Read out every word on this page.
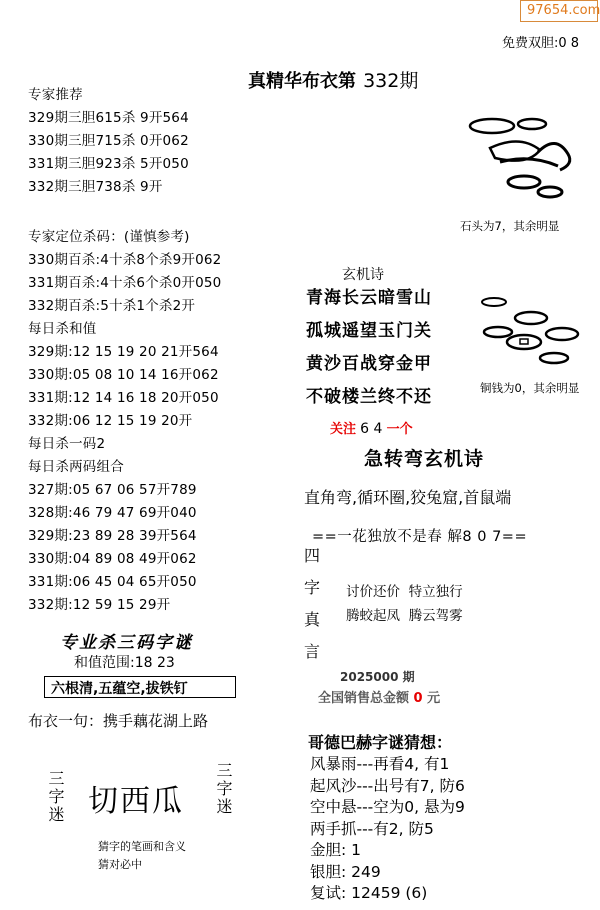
97654.com
免费双胆:0 8
真精华布衣第 332期
专家推荐
329期三胆615杀 9开564
330期三胆715杀 0开062
331期三胆923杀 5开050
332期三胆738杀 9开
专家定位杀码：(谨慎参考)
330期百杀:4十杀8个杀9开062
331期百杀:4十杀6个杀0开050
332期百杀:5十杀1个杀2开
每日杀和值
329期:12 15 19 20 21开564
330期:05 08 10 14 16开062
331期:12 14 16 18 20开050
332期:06 12 15 19 20开
每日杀一码2
每日杀两码组合
327期:05 67 06 57开789
328期:46 79 47 69开040
329期:23 89 28 39开564
330期:04 89 08 49开062
331期:06 45 04 65开050
332期:12 59 15 29开
专业杀三码字谜
和值范围:18 23
六根清,五蕴空,拔铁钉
布衣一句：携手藕花湖上路
三字迷 切西瓜 三字迷
猜字的笔画和含义
猜对必中
石头为7，其余明显
铜钱为0，其余明显
玄机诗
青海长云暗雪山
孤城遥望玉门关
黄沙百战穿金甲
不破楼兰终不还
关注 6 4 一个
急转弯玄机诗
直角弯,循环圈,狡兔窟,首鼠端
==一花独放不是春 解8 0 7==
四
字
真
言
讨价还价  特立独行
腾蛟起凤  腾云驾雾
2025000 期
全国销售总金额 0 元
哥德巴赫字谜猜想：
风暴雨---再看4, 有1
起风沙---出号有7, 防6
空中悬---空为0, 悬为9
两手抓---有2, 防5
金胆: 1
银胆: 249
复试: 12459 (6)
